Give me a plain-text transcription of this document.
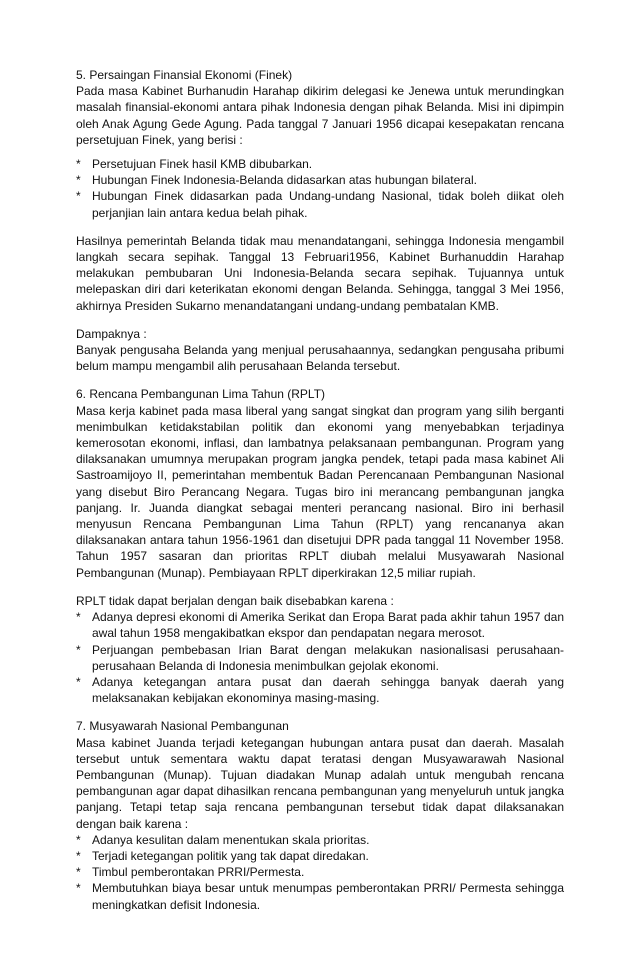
5. Persaingan Finansial Ekonomi (Finek)

Pada masa Kabinet Burhanudin Harahap dikirim delegasi ke Jenewa untuk merundingkan masalah finansial-ekonomi antara pihak Indonesia dengan pihak Belanda. Misi ini dipimpin oleh Anak Agung Gede Agung. Pada tanggal 7 Januari 1956 dicapai kesepakatan rencana persetujuan Finek, yang berisi :

* Persetujuan Finek hasil KMB dibubarkan.
* Hubungan Finek Indonesia-Belanda didasarkan atas hubungan bilateral.
* Hubungan Finek didasarkan pada Undang-undang Nasional, tidak boleh diikat oleh perjanjian lain antara kedua belah pihak.

Hasilnya pemerintah Belanda tidak mau menandatangani, sehingga Indonesia mengambil langkah secara sepihak. Tanggal 13 Februari1956, Kabinet Burhanuddin Harahap melakukan pembubaran Uni Indonesia-Belanda secara sepihak. Tujuannya untuk melepaskan diri dari keterikatan ekonomi dengan Belanda. Sehingga, tanggal 3 Mei 1956, akhirnya Presiden Sukarno menandatangani undang-undang pembatalan KMB.

Dampaknya :

Banyak pengusaha Belanda yang menjual perusahaannya, sedangkan pengusaha pribumi belum mampu mengambil alih perusahaan Belanda tersebut.

6. Rencana Pembangunan Lima Tahun (RPLT)

Masa kerja kabinet pada masa liberal yang sangat singkat dan program yang silih berganti menimbulkan ketidakstabilan politik dan ekonomi yang menyebabkan terjadinya kemerosotan ekonomi, inflasi, dan lambatnya pelaksanaan pembangunan. Program yang dilaksanakan umumnya merupakan program jangka pendek, tetapi pada masa kabinet Ali Sastroamijoyo II, pemerintahan membentuk Badan Perencanaan Pembangunan Nasional yang disebut Biro Perancang Negara. Tugas biro ini merancang pembangunan jangka panjang. Ir. Juanda diangkat sebagai menteri perancang nasional. Biro ini berhasil menyusun Rencana Pembangunan Lima Tahun (RPLT) yang rencananya akan dilaksanakan antara tahun 1956-1961 dan disetujui DPR pada tanggal 11 November 1958. Tahun 1957 sasaran dan prioritas RPLT diubah melalui Musyawarah Nasional Pembangunan (Munap). Pembiayaan RPLT diperkirakan 12,5 miliar rupiah.

RPLT tidak dapat berjalan dengan baik disebabkan karena :

* Adanya depresi ekonomi di Amerika Serikat dan Eropa Barat pada akhir tahun 1957 dan awal tahun 1958 mengakibatkan ekspor dan pendapatan negara merosot.
* Perjuangan pembebasan Irian Barat dengan melakukan nasionalisasi perusahaan-perusahaan Belanda di Indonesia menimbulkan gejolak ekonomi.
* Adanya ketegangan antara pusat dan daerah sehingga banyak daerah yang melaksanakan kebijakan ekonominya masing-masing.

7. Musyawarah Nasional Pembangunan

Masa kabinet Juanda terjadi ketegangan hubungan antara pusat dan daerah. Masalah tersebut untuk sementara waktu dapat teratasi dengan Musyawarawah Nasional Pembangunan (Munap). Tujuan diadakan Munap adalah untuk mengubah rencana pembangunan agar dapat dihasilkan rencana pembangunan yang menyeluruh untuk jangka panjang. Tetapi tetap saja rencana pembangunan tersebut tidak dapat dilaksanakan dengan baik karena :

* Adanya kesulitan dalam menentukan skala prioritas.
* Terjadi ketegangan politik yang tak dapat diredakan.
* Timbul pemberontakan PRRI/Permesta.
* Membutuhkan biaya besar untuk menumpas pemberontakan PRRI/ Permesta sehingga meningkatkan defisit Indonesia.
